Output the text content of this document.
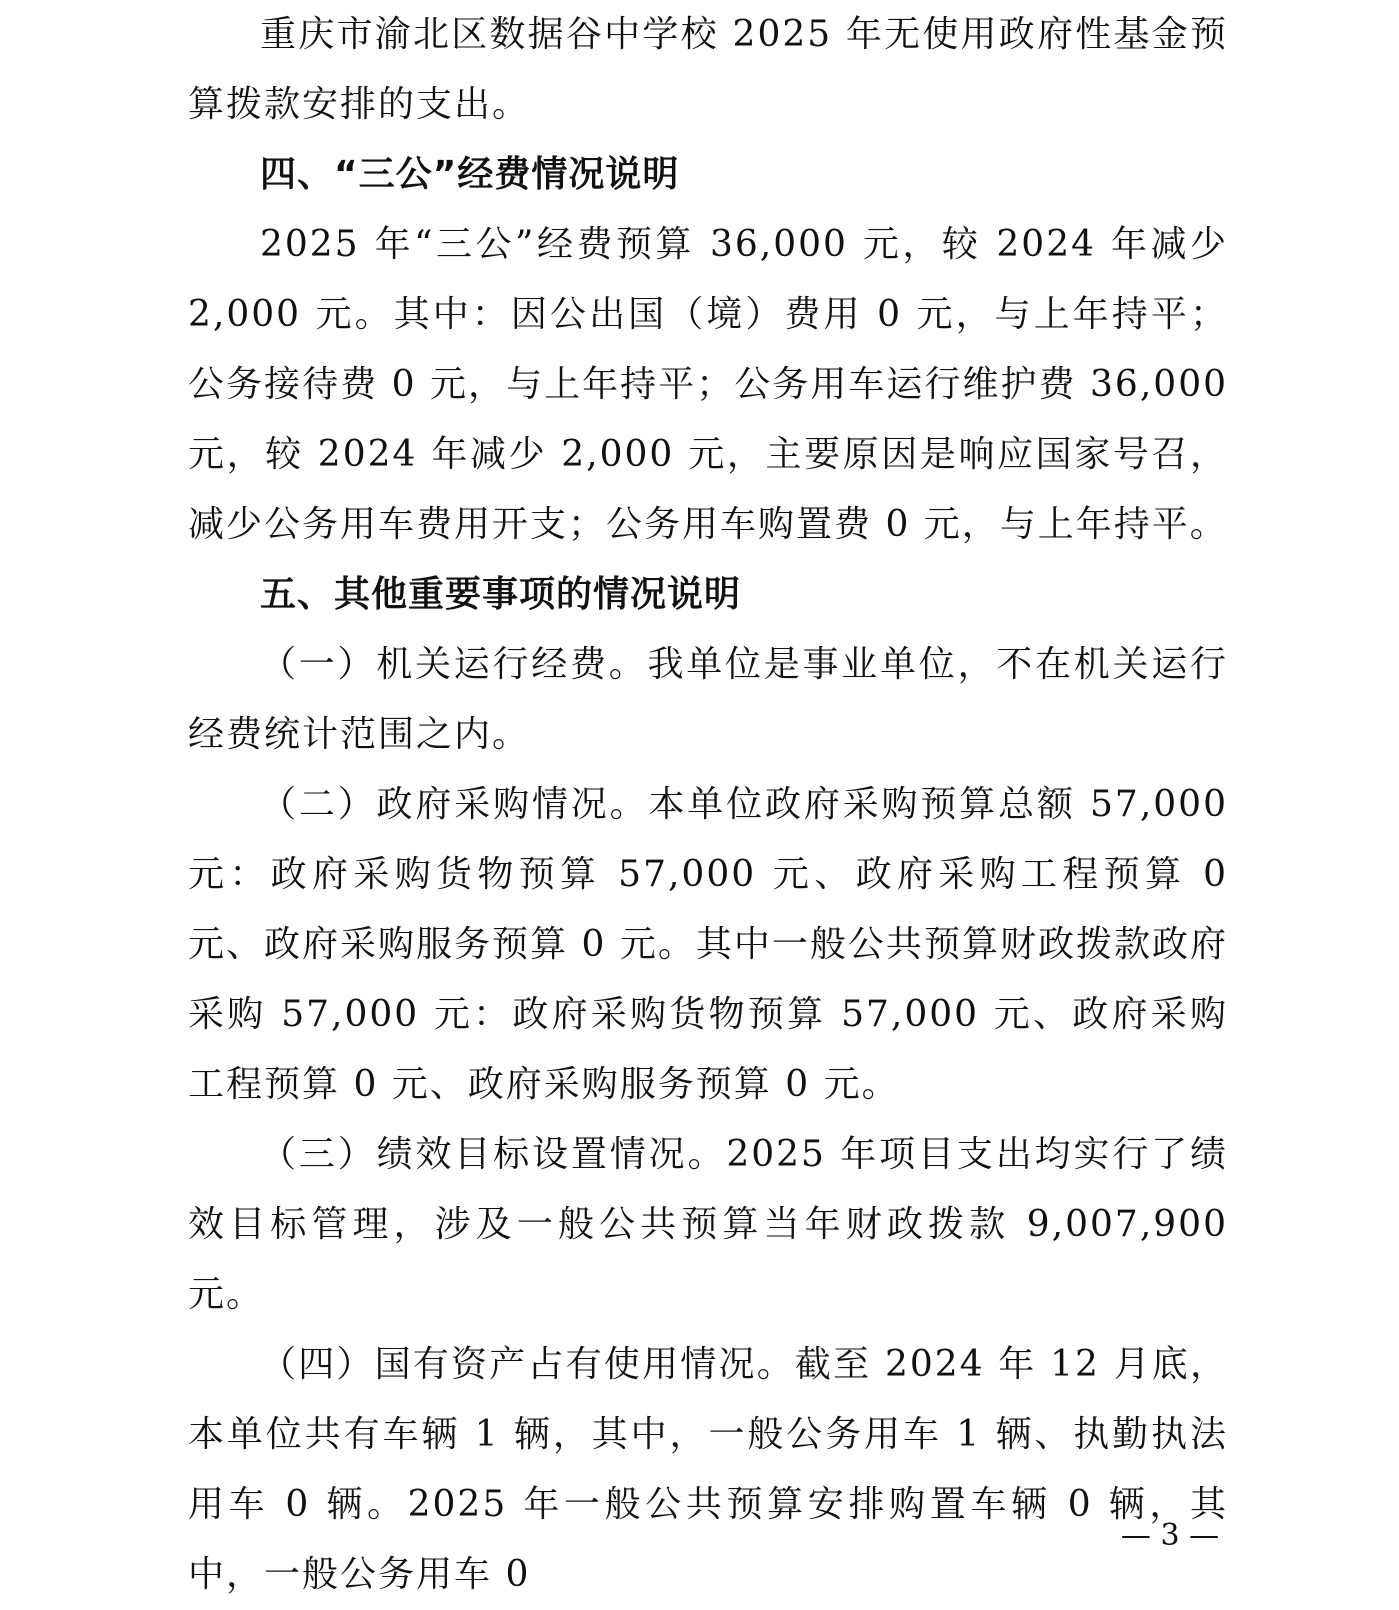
重庆市渝北区数据谷中学校 2025 年无使用政府性基金预算拨款安排的支出。

四、“三公”经费情况说明

2025 年“三公”经费预算 36,000 元，较 2024 年减少 2,000 元。其中：因公出国（境）费用 0 元，与上年持平；公务接待费 0 元，与上年持平；公务用车运行维护费 36,000 元，较 2024 年减少 2,000 元，主要原因是响应国家号召，减少公务用车费用开支；公务用车购置费 0 元，与上年持平。

五、其他重要事项的情况说明

（一）机关运行经费。我单位是事业单位，不在机关运行经费统计范围之内。

（二）政府采购情况。本单位政府采购预算总额 57,000 元：政府采购货物预算 57,000 元、政府采购工程预算 0 元、政府采购服务预算 0 元。其中一般公共预算财政拨款政府采购 57,000 元：政府采购货物预算 57,000 元、政府采购工程预算 0 元、政府采购服务预算 0 元。

（三）绩效目标设置情况。2025 年项目支出均实行了绩效目标管理，涉及一般公共预算当年财政拨款 9,007,900 元。

（四）国有资产占有使用情况。截至 2024 年 12 月底，本单位共有车辆 1 辆，其中，一般公务用车 1 辆、执勤执法用车 0 辆。2025 年一般公共预算安排购置车辆 0 辆，其中，一般公务用车 0

— 3 —
